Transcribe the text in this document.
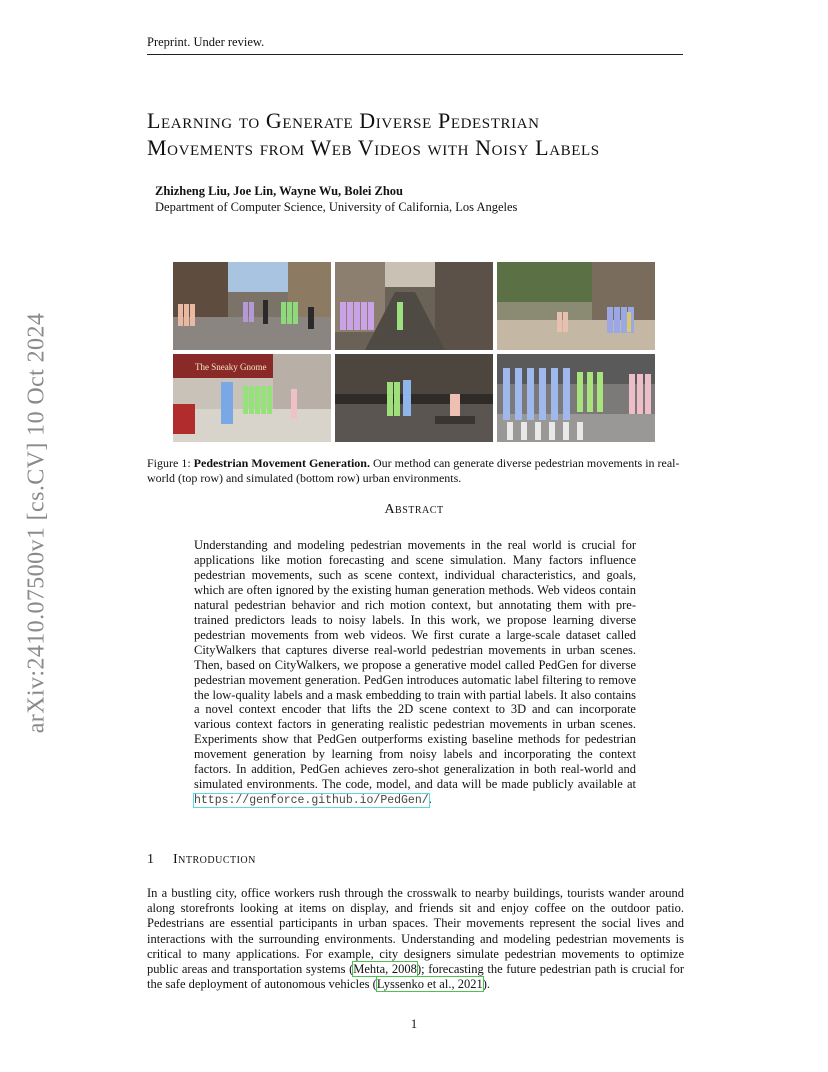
arXiv:2410.07500v1 [cs.CV] 10 Oct 2024
Preprint. Under review.
Learning to Generate Diverse Pedestrian
Movements from Web Videos with Noisy Labels
Zhizheng Liu, Joe Lin, Wayne Wu, Bolei Zhou
Department of Computer Science, University of California, Los Angeles
The Sneaky Gnome
Figure 1: Pedestrian Movement Generation. Our method can generate diverse pedestrian movements in real-world (top row) and simulated (bottom row) urban environments.
Abstract
Understanding and modeling pedestrian movements in the real world is crucial for applications like motion forecasting and scene simulation. Many factors influence pedestrian movements, such as scene context, individual characteristics, and goals, which are often ignored by the existing human generation methods. Web videos contain natural pedestrian behavior and rich motion context, but annotating them with pre-trained predictors leads to noisy labels. In this work, we propose learning diverse pedestrian movements from web videos. We first curate a large-scale dataset called CityWalkers that captures diverse real-world pedestrian movements in urban scenes. Then, based on CityWalkers, we propose a generative model called PedGen for diverse pedestrian movement generation. PedGen introduces automatic label filtering to remove the low-quality labels and a mask embedding to train with partial labels. It also contains a novel context encoder that lifts the 2D scene context to 3D and can incorporate various context factors in generating realistic pedestrian movements in urban scenes. Experiments show that PedGen outperforms existing baseline methods for pedestrian movement generation by learning from noisy labels and incorporating the context factors. In addition, PedGen achieves zero-shot generalization in both real-world and simulated environments. The code, model, and data will be made publicly available at https://genforce.github.io/PedGen/.
1 Introduction
In a bustling city, office workers rush through the crosswalk to nearby buildings, tourists wander around along storefronts looking at items on display, and friends sit and enjoy coffee on the outdoor patio. Pedestrians are essential participants in urban spaces. Their movements represent the social lives and interactions with the surrounding environments. Understanding and modeling pedestrian movements is critical to many applications. For example, city designers simulate pedestrian movements to optimize public areas and transportation systems (Mehta, 2008); forecasting the future pedestrian path is crucial for the safe deployment of autonomous vehicles (Lyssenko et al., 2021).
1
